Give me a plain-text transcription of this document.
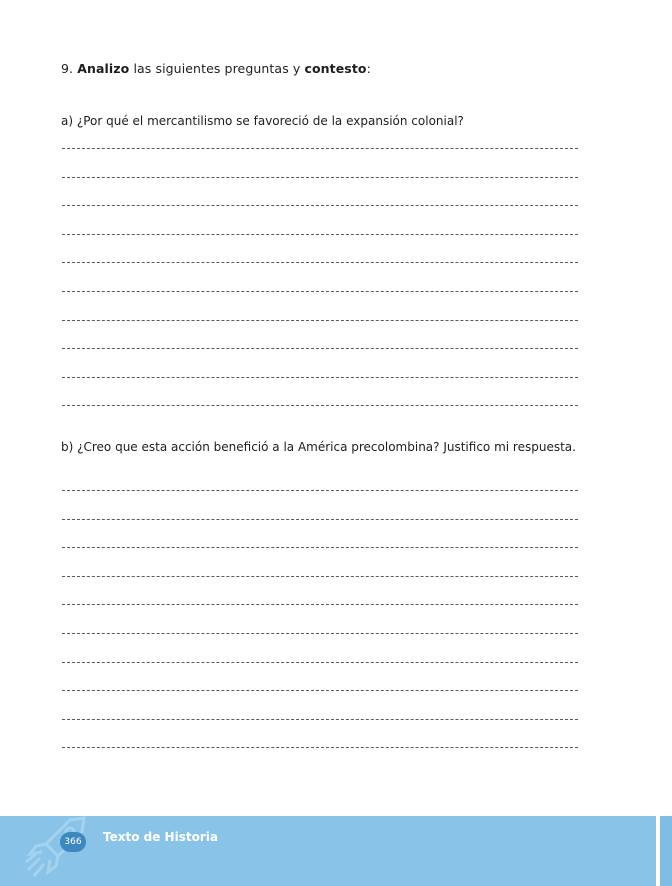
9. Analizo las siguientes preguntas y contesto:
a) ¿Por qué el mercantilismo se favoreció de la expansión colonial?
b) ¿Creo que esta acción benefició a la América precolombina? Justifico mi respuesta.
366	Texto de Historia
